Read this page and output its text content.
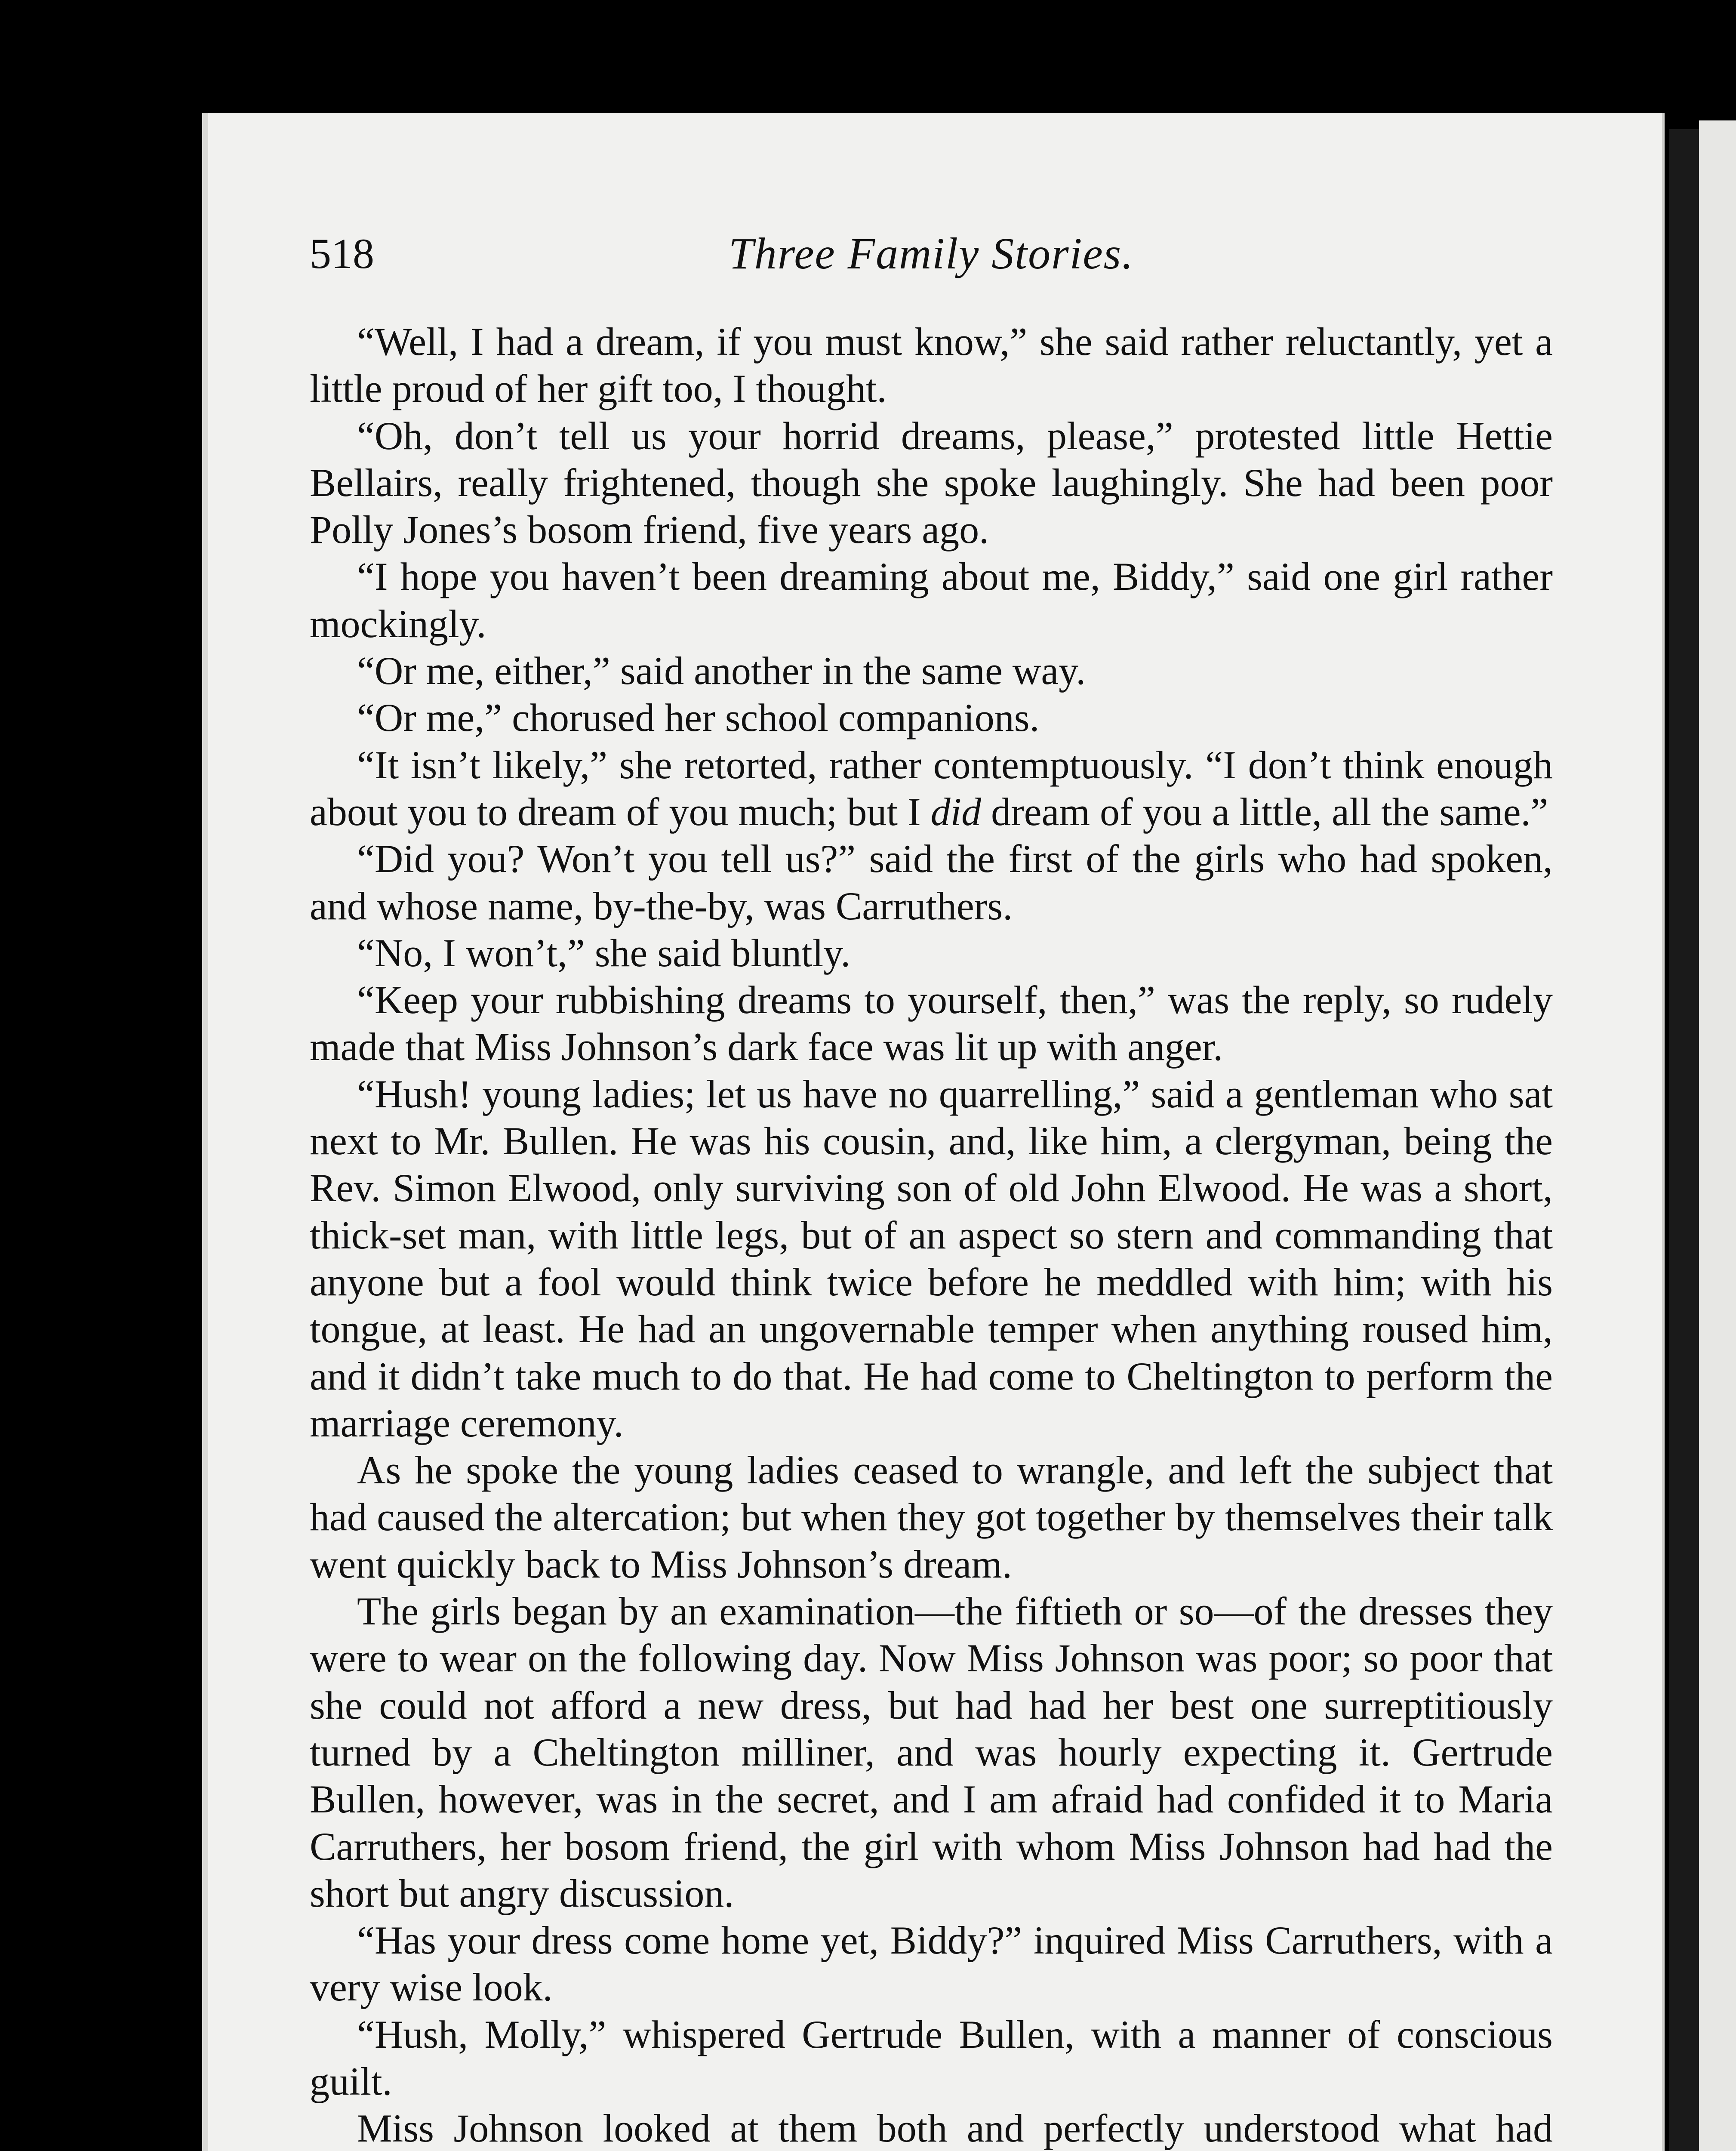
518	Three Family Stories.

“Well, I had a dream, if you must know,” she said rather reluctantly, yet a little proud of her gift too, I thought.

“Oh, don’t tell us your horrid dreams, please,” protested little Hettie Bellairs, really frightened, though she spoke laughingly. She had been poor Polly Jones’s bosom friend, five years ago.

“I hope you haven’t been dreaming about me, Biddy,” said one girl rather mockingly.

“Or me, either,” said another in the same way.

“Or me,” chorused her school companions.

“It isn’t likely,” she retorted, rather contemptuously. “I don’t think enough about you to dream of you much; but I did dream of you a little, all the same.”

“Did you? Won’t you tell us?” said the first of the girls who had spoken, and whose name, by-the-by, was Carruthers.

“No, I won’t,” she said bluntly.

“Keep your rubbishing dreams to yourself, then,” was the reply, so rudely made that Miss Johnson’s dark face was lit up with anger.

“Hush! young ladies; let us have no quarrelling,” said a gentleman who sat next to Mr. Bullen. He was his cousin, and, like him, a clergyman, being the Rev. Simon Elwood, only surviving son of old John Elwood. He was a short, thick-set man, with little legs, but of an aspect so stern and commanding that anyone but a fool would think twice before he meddled with him; with his tongue, at least. He had an ungovernable temper when anything roused him, and it didn’t take much to do that. He had come to Cheltington to perform the marriage ceremony.

As he spoke the young ladies ceased to wrangle, and left the subject that had caused the altercation; but when they got together by themselves their talk went quickly back to Miss Johnson’s dream.

The girls began by an examination—the fiftieth or so—of the dresses they were to wear on the following day. Now Miss Johnson was poor; so poor that she could not afford a new dress, but had had her best one surreptitiously turned by a Cheltington milliner, and was hourly expecting it. Gertrude Bullen, however, was in the secret, and I am afraid had confided it to Maria Carruthers, her bosom friend, the girl with whom Miss Johnson had had the short but angry discussion.

“Has your dress come home yet, Biddy?” inquired Miss Carruthers, with a very wise look.

“Hush, Molly,” whispered Gertrude Bullen, with a manner of conscious guilt.

Miss Johnson looked at them both and perfectly understood what had
